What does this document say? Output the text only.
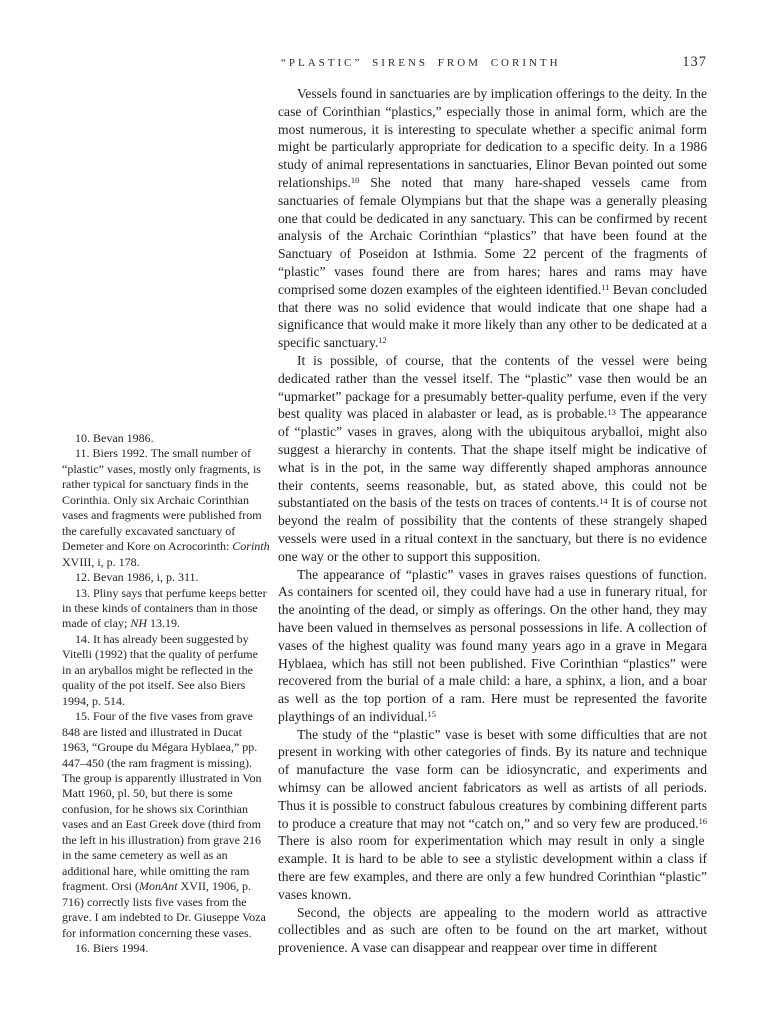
“PLASTIC” SIRENS FROM CORINTH	137

10. Bevan 1986.

11. Biers 1992. The small number of “plastic” vases, mostly only fragments, is rather typical for sanctuary finds in the Corinthia. Only six Archaic Corinthian vases and fragments were published from the carefully excavated sanctuary of Demeter and Kore on Acrocorinth: Corinth XVIII, i, p. 178.

12. Bevan 1986, i, p. 311.

13. Pliny says that perfume keeps better in these kinds of containers than in those made of clay; NH 13.19.

14. It has already been suggested by Vitelli (1992) that the quality of perfume in an aryballos might be reflected in the quality of the pot itself. See also Biers 1994, p. 514.

15. Four of the five vases from grave 848 are listed and illustrated in Ducat 1963, “Groupe du Mégara Hyblaea,” pp. 447–450 (the ram fragment is missing). The group is apparently illustrated in Von Matt 1960, pl. 50, but there is some confusion, for he shows six Corinthian vases and an East Greek dove (third from the left in his illustration) from grave 216 in the same cemetery as well as an additional hare, while omitting the ram fragment. Orsi (MonAnt XVII, 1906, p. 716) correctly lists five vases from the grave. I am indebted to Dr. Giuseppe Voza for information concerning these vases.

16. Biers 1994.

Vessels found in sanctuaries are by implication offerings to the deity. In the case of Corinthian “plastics,” especially those in animal form, which are the most numerous, it is interesting to speculate whether a specific animal form might be particularly appropriate for dedication to a specific deity. In a 1986 study of animal representations in sanctuaries, Elinor Bevan pointed out some relationships.$^{10}$ She noted that many hare-shaped vessels came from sanctuaries of female Olympians but that the shape was a generally pleasing one that could be dedicated in any sanctuary. This can be confirmed by recent analysis of the Archaic Corinthian “plastics” that have been found at the Sanctuary of Poseidon at Isthmia. Some 22 percent of the fragments of “plastic” vases found there are from hares; hares and rams may have comprised some dozen examples of the eighteen identified.$^{11}$ Bevan concluded that there was no solid evidence that would indicate that one shape had a significance that would make it more likely than any other to be dedicated at a specific sanctuary.$^{12}$

It is possible, of course, that the contents of the vessel were being dedicated rather than the vessel itself. The “plastic” vase then would be an “upmarket” package for a presumably better-quality perfume, even if the very best quality was placed in alabaster or lead, as is probable.$^{13}$ The appearance of “plastic” vases in graves, along with the ubiquitous aryballoi, might also suggest a hierarchy in contents. That the shape itself might be indicative of what is in the pot, in the same way differently shaped amphoras announce their contents, seems reasonable, but, as stated above, this could not be substantiated on the basis of the tests on traces of contents.$^{14}$ It is of course not beyond the realm of possibility that the contents of these strangely shaped vessels were used in a ritual context in the sanctuary, but there is no evidence one way or the other to support this supposition.

The appearance of “plastic” vases in graves raises questions of function. As containers for scented oil, they could have had a use in funerary ritual, for the anointing of the dead, or simply as offerings. On the other hand, they may have been valued in themselves as personal possessions in life. A collection of vases of the highest quality was found many years ago in a grave in Megara Hyblaea, which has still not been published. Five Corinthian “plastics” were recovered from the burial of a male child: a hare, a sphinx, a lion, and a boar as well as the top portion of a ram. Here must be represented the favorite playthings of an individual.$^{15}$

The study of the “plastic” vase is beset with some difficulties that are not present in working with other categories of finds. By its nature and technique of manufacture the vase form can be idiosyncratic, and experiments and whimsy can be allowed ancient fabricators as well as artists of all periods. Thus it is possible to construct fabulous creatures by combining different parts to produce a creature that may not “catch on,” and so very few are produced.$^{16}$ There is also room for experimentation which may result in only a single example. It is hard to be able to see a stylistic development within a class if there are few examples, and there are only a few hundred Corinthian “plastic” vases known.

Second, the objects are appealing to the modern world as attractive collectibles and as such are often to be found on the art market, without provenience. A vase can disappear and reappear over time in different
